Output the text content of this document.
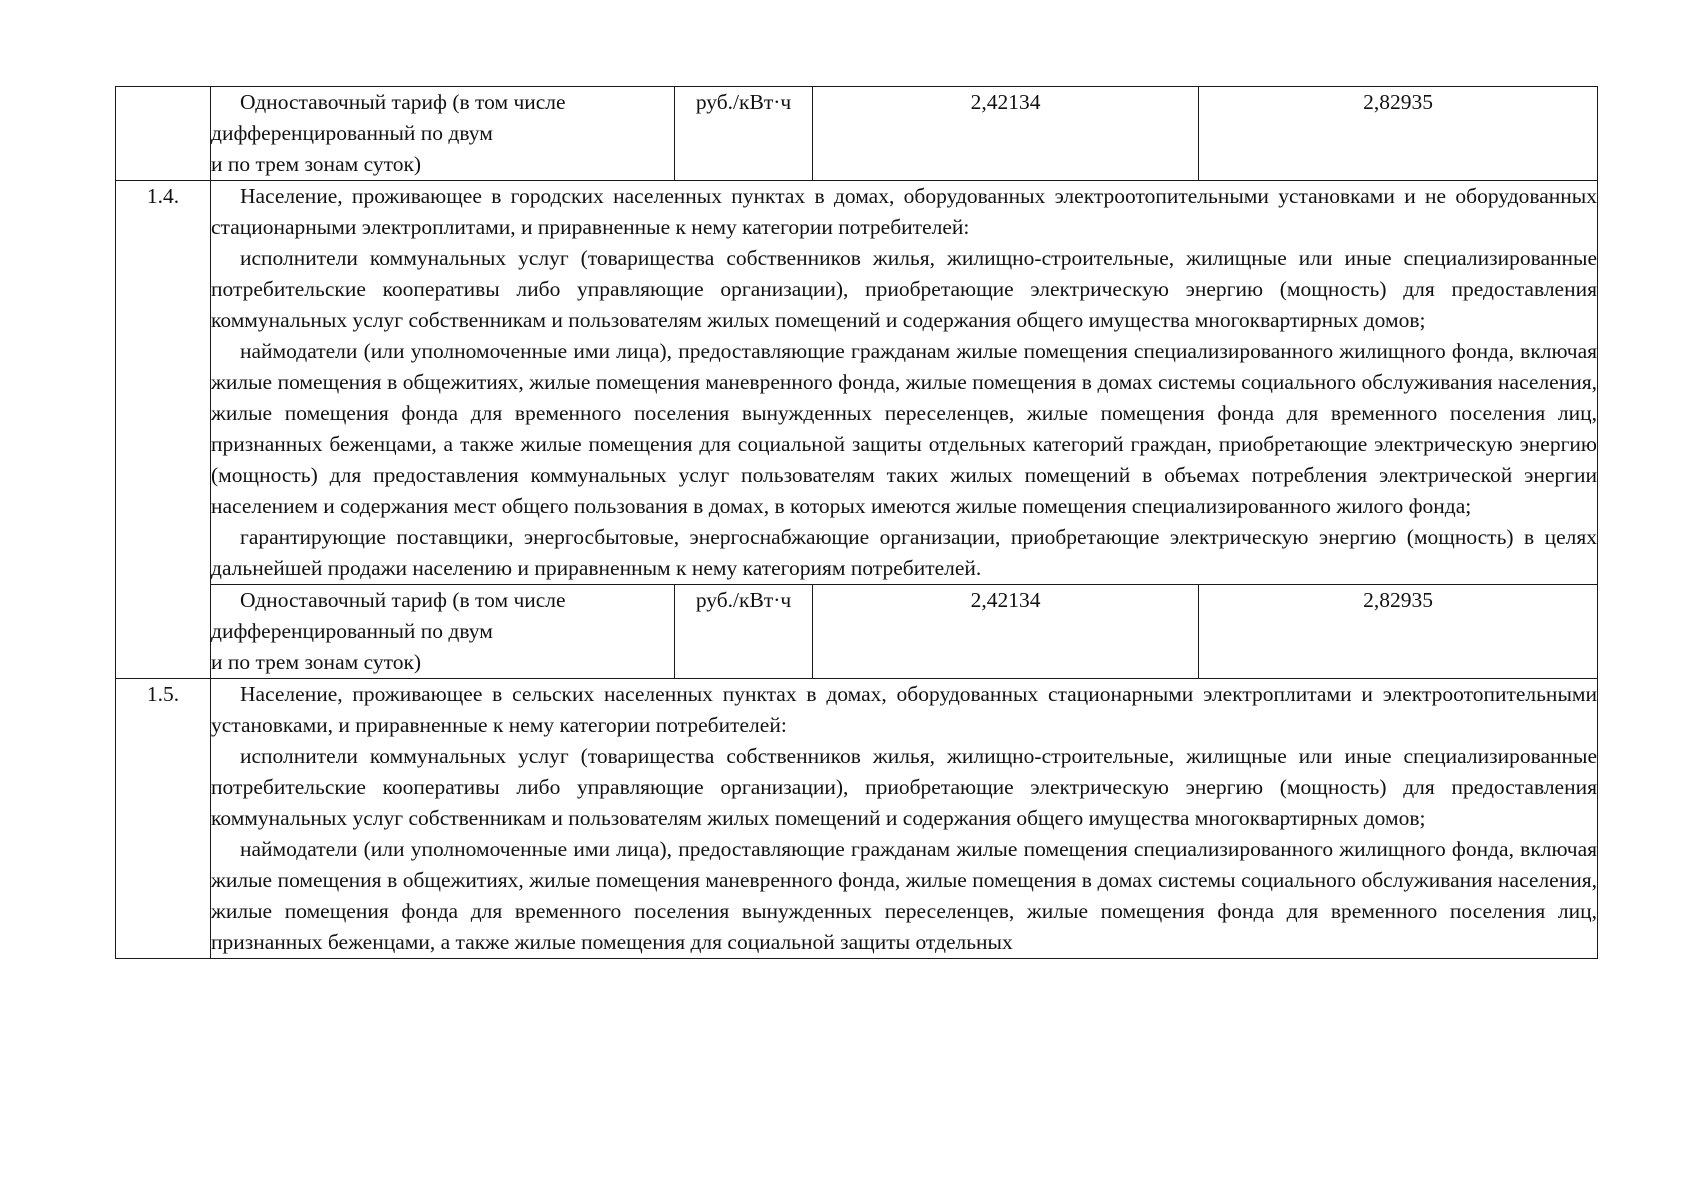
	Одноставочный тариф (в том числе
дифференцированный по двум
и по трем зонам суток)	руб./кВт·ч	2,42134	2,82935
1.4.	Население, проживающее в городских населенных пунктах в домах, оборудованных электроотопительными установками и не оборудованных стационарными электроплитами, и приравненные к нему категории потребителей:

исполнители коммунальных услуг (товарищества собственников жилья, жилищно-строительные, жилищные или иные специализированные потребительские кооперативы либо управляющие организации), приобретающие электрическую энергию (мощность) для предоставления коммунальных услуг собственникам и пользователям жилых помещений и содержания общего имущества многоквартирных домов;

наймодатели (или уполномоченные ими лица), предоставляющие гражданам жилые помещения специализированного жилищного фонда, включая жилые помещения в общежитиях, жилые помещения маневренного фонда, жилые помещения в домах системы социального обслуживания населения, жилые помещения фонда для временного поселения вынужденных переселенцев, жилые помещения фонда для временного поселения лиц, признанных беженцами, а также жилые помещения для социальной защиты отдельных категорий граждан, приобретающие электрическую энергию (мощность) для предоставления коммунальных услуг пользователям таких жилых помещений в объемах потребления электрической энергии населением и содержания мест общего пользования в домах, в которых имеются жилые помещения специализированного жилого фонда;

гарантирующие поставщики, энергосбытовые, энергоснабжающие организации, приобретающие электрическую энергию (мощность) в целях дальнейшей продажи населению и приравненным к нему категориям потребителей.			

	Одноставочный тариф (в том числе
дифференцированный по двум
и по трем зонам суток)	руб./кВт·ч	2,42134	2,82935
1.5.	Население, проживающее в сельских населенных пунктах в домах, оборудованных стационарными электроплитами и электроотопительными установками, и приравненные к нему категории потребителей:

исполнители коммунальных услуг (товарищества собственников жилья, жилищно-строительные, жилищные или иные специализированные потребительские кооперативы либо управляющие организации), приобретающие электрическую энергию (мощность) для предоставления коммунальных услуг собственникам и пользователям жилых помещений и содержания общего имущества многоквартирных домов;

наймодатели (или уполномоченные ими лица), предоставляющие гражданам жилые помещения специализированного жилищного фонда, включая жилые помещения в общежитиях, жилые помещения маневренного фонда, жилые помещения в домах системы социального обслуживания населения, жилые помещения фонда для временного поселения вынужденных переселенцев, жилые помещения фонда для временного поселения лиц, признанных беженцами, а также жилые помещения для социальной защиты отдельных			
